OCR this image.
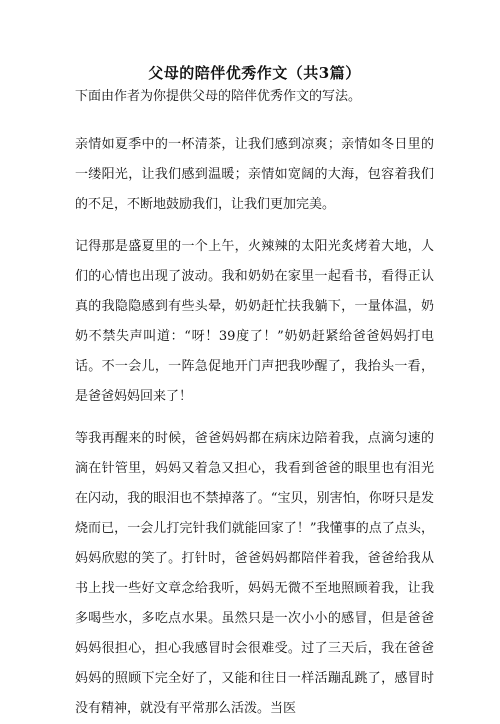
父母的陪伴优秀作文（共3篇）

下面由作者为你提供父母的陪伴优秀作文的写法。

亲情如夏季中的一杯清茶，让我们感到凉爽；亲情如冬日里的一缕阳光，让我们感到温暖；亲情如宽阔的大海，包容着我们的不足，不断地鼓励我们，让我们更加完美。

记得那是盛夏里的一个上午，火辣辣的太阳光炙烤着大地，人们的心情也出现了波动。我和奶奶在家里一起看书，看得正认真的我隐隐感到有些头晕，奶奶赶忙扶我躺下，一量体温，奶奶不禁失声叫道：“呀！39度了！”奶奶赶紧给爸爸妈妈打电话。不一会儿，一阵急促地开门声把我吵醒了，我抬头一看，是爸爸妈妈回来了！

等我再醒来的时候，爸爸妈妈都在病床边陪着我，点滴匀速的滴在针管里，妈妈又着急又担心，我看到爸爸的眼里也有泪光在闪动，我的眼泪也不禁掉落了。“宝贝，别害怕，你呀只是发烧而已，一会儿打完针我们就能回家了！”我懂事的点了点头，妈妈欣慰的笑了。打针时，爸爸妈妈都陪伴着我，爸爸给我从书上找一些好文章念给我听，妈妈无微不至地照顾着我，让我多喝些水，多吃点水果。虽然只是一次小小的感冒，但是爸爸妈妈很担心，担心我感冒时会很难受。过了三天后，我在爸爸妈妈的照顾下完全好了，又能和往日一样活蹦乱跳了，感冒时没有精神，就没有平常那么活泼。当医
